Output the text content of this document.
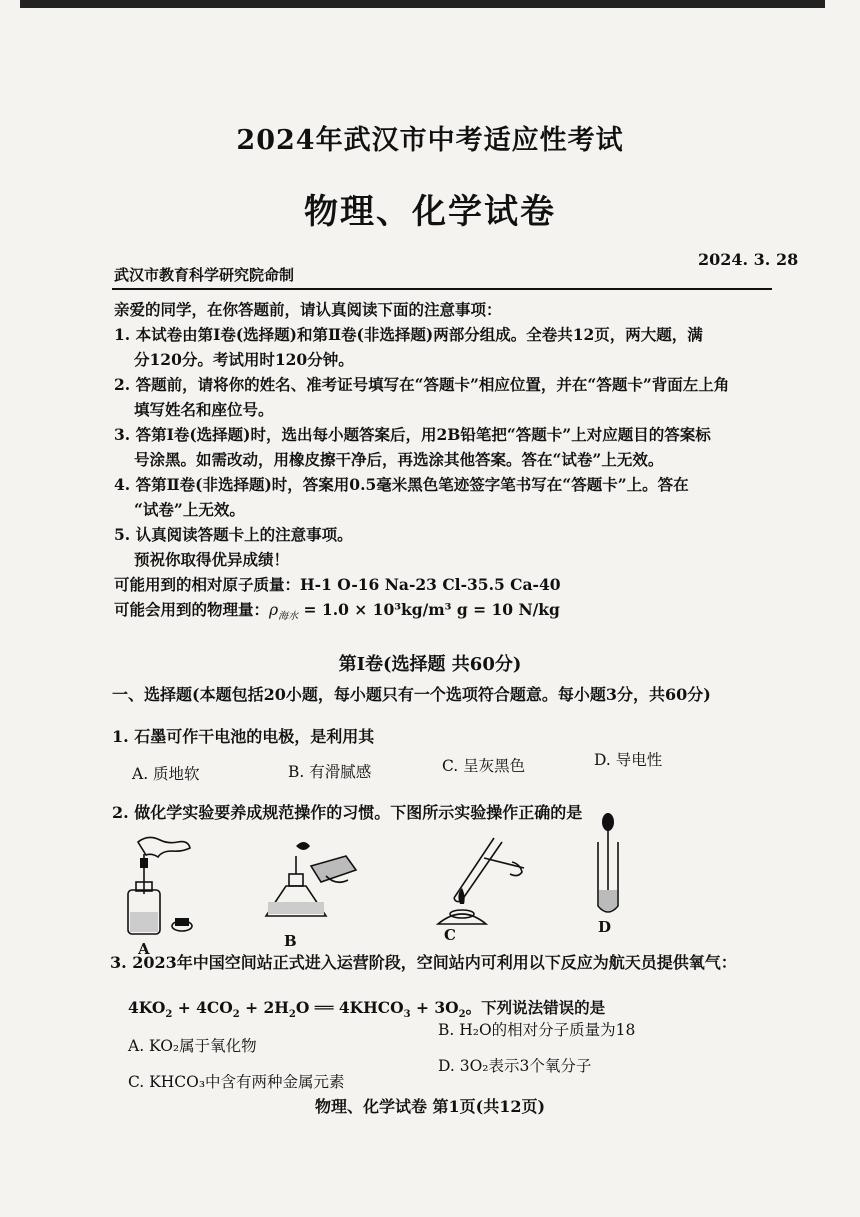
2024年武汉市中考适应性考试
物理、化学试卷
武汉市教育科学研究院命制
2024. 3. 28
亲爱的同学，在你答题前，请认真阅读下面的注意事项：
1. 本试卷由第Ⅰ卷(选择题)和第Ⅱ卷(非选择题)两部分组成。全卷共12页，两大题，满
分120分。考试用时120分钟。
2. 答题前，请将你的姓名、准考证号填写在“答题卡”相应位置，并在“答题卡”背面左上角
填写姓名和座位号。
3. 答第Ⅰ卷(选择题)时，选出每小题答案后，用2B铅笔把“答题卡”上对应题目的答案标
号涂黑。如需改动，用橡皮擦干净后，再选涂其他答案。答在“试卷”上无效。
4. 答第Ⅱ卷(非选择题)时，答案用0.5毫米黑色笔迹签字笔书写在“答题卡”上。答在
“试卷”上无效。
5. 认真阅读答题卡上的注意事项。
预祝你取得优异成绩！
可能用到的相对原子质量：H-1 O-16 Na-23 Cl-35.5 Ca-40
可能会用到的物理量：$\rho_{海水} = 1.0 \times 10^3kg/m^3$ g = 10 N/kg
第Ⅰ卷(选择题 共60分)
一、选择题(本题包括20小题，每小题只有一个选项符合题意。每小题3分，共60分)
1. 石墨可作干电池的电极，是利用其
A. 质地软	B. 有滑腻感	C. 呈灰黑色	D. 导电性
2. 做化学实验要养成规范操作的习惯。下图所示实验操作正确的是
A	B	C	D
3. 2023年中国空间站正式进入运营阶段，空间站内可利用以下反应为航天员提供氧气：
$4KO_2 + 4CO_2 + 2H_2O$ ══ $4KHCO_3 + 3O_2$。下列说法错误的是
A. KO₂属于氧化物
B. H₂O的相对分子质量为18
C. KHCO₃中含有两种金属元素
D. 3O₂表示3个氧分子
物理、化学试卷 第1页(共12页)
